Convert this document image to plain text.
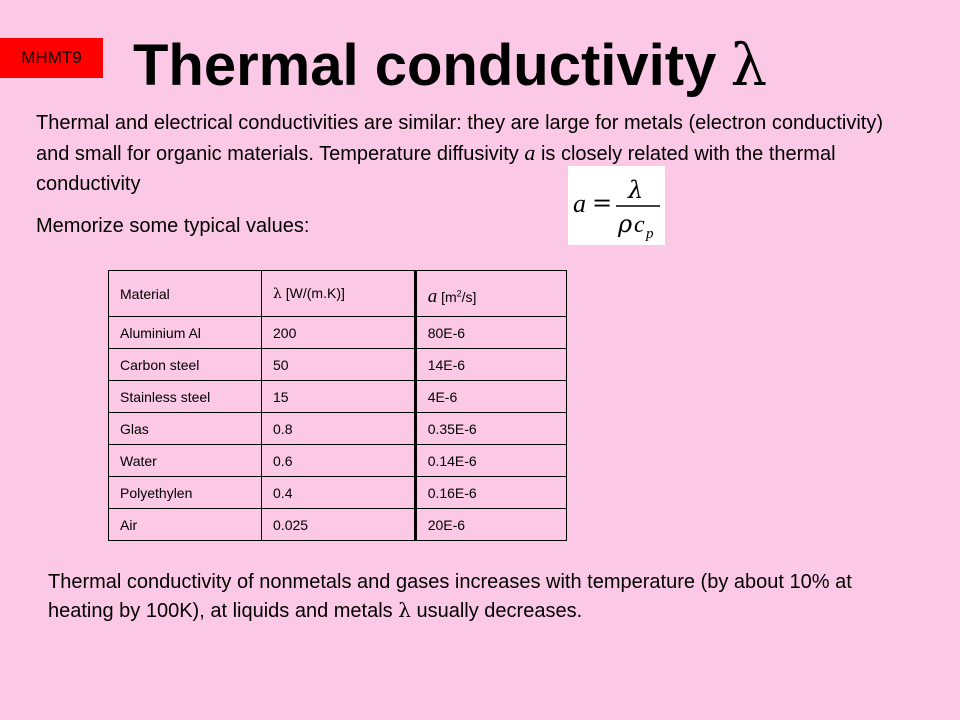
MHMT9 Thermal conductivity λ
Thermal and electrical conductivities are similar: they are large for metals (electron conductivity) and small for organic materials. Temperature diffusivity a is closely related with the thermal conductivity
Memorize some typical values:
a = λ
ρ c p
Material	λ [W/(m.K)]	a $[m^2/s]$
Aluminium Al	200	80E-6
Carbon steel	50	14E-6
Stainless steel	15	4E-6
Glas	0.8	0.35E-6
Water	0.6	0.14E-6
Polyethylen	0.4	0.16E-6
Air	0.025	20E-6
Thermal conductivity of nonmetals and gases increases with temperature (by about 10% at heating by 100K), at liquids and metals λ usually decreases.
